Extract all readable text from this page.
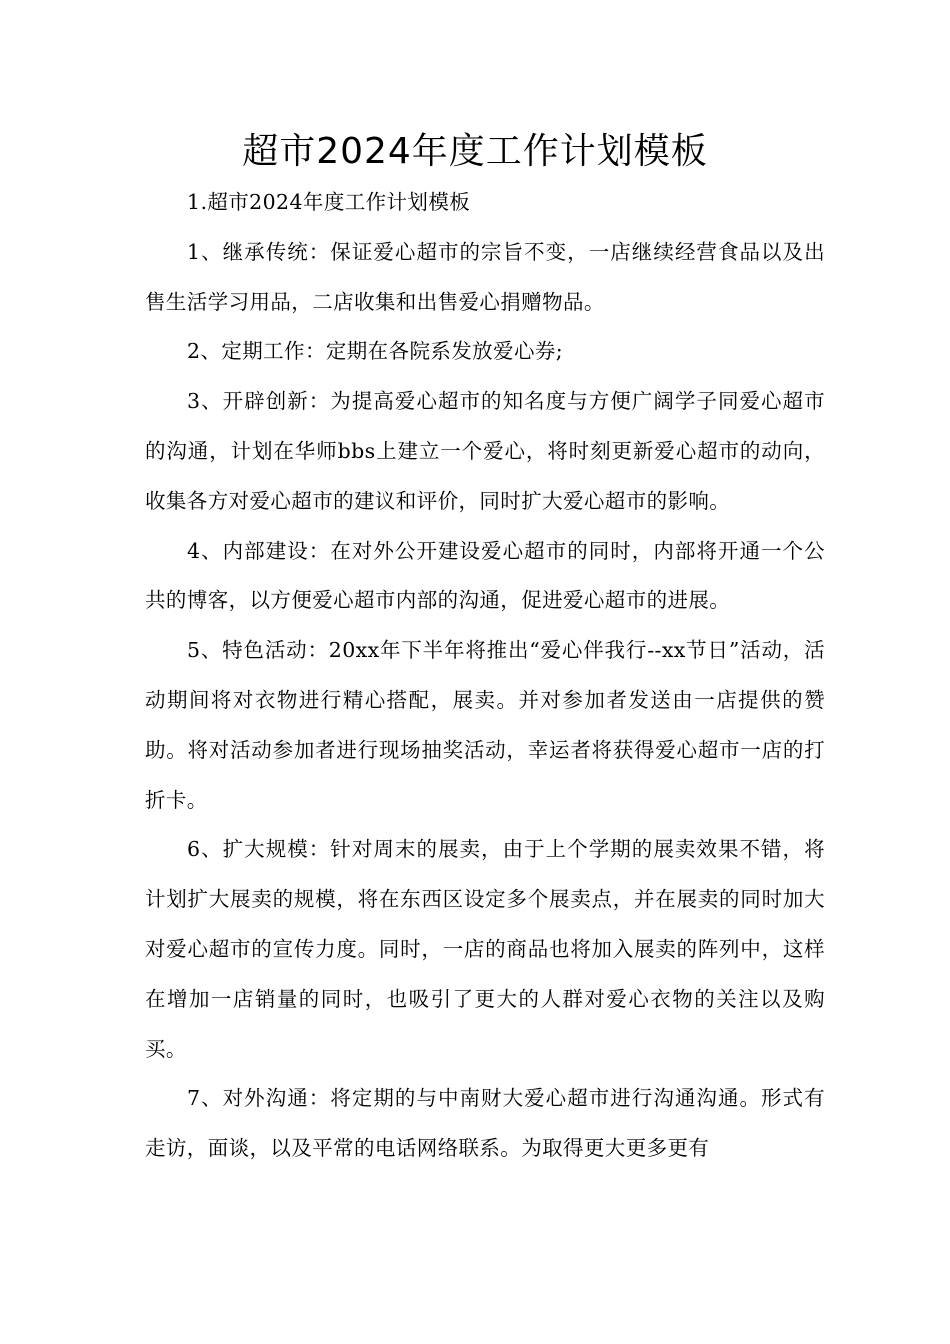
超市2024年度工作计划模板

1.超市2024年度工作计划模板

1、继承传统：保证爱心超市的宗旨不变，一店继续经营食品以及出售生活学习用品，二店收集和出售爱心捐赠物品。

2、定期工作：定期在各院系发放爱心券;

3、开辟创新：为提高爱心超市的知名度与方便广阔学子同爱心超市的沟通，计划在华师bbs上建立一个爱心，将时刻更新爱心超市的动向，收集各方对爱心超市的建议和评价，同时扩大爱心超市的影响。

4、内部建设：在对外公开建设爱心超市的同时，内部将开通一个公共的博客，以方便爱心超市内部的沟通，促进爱心超市的进展。

5、特色活动：20xx年下半年将推出“爱心伴我行--xx节日”活动，活动期间将对衣物进行精心搭配，展卖。并对参加者发送由一店提供的赞助。将对活动参加者进行现场抽奖活动，幸运者将获得爱心超市一店的打折卡。

6、扩大规模：针对周末的展卖，由于上个学期的展卖效果不错，将计划扩大展卖的规模，将在东西区设定多个展卖点，并在展卖的同时加大对爱心超市的宣传力度。同时，一店的商品也将加入展卖的阵列中，这样在增加一店销量的同时，也吸引了更大的人群对爱心衣物的关注以及购买。

7、对外沟通：将定期的与中南财大爱心超市进行沟通沟通。形式有走访，面谈，以及平常的电话网络联系。为取得更大更多更有
